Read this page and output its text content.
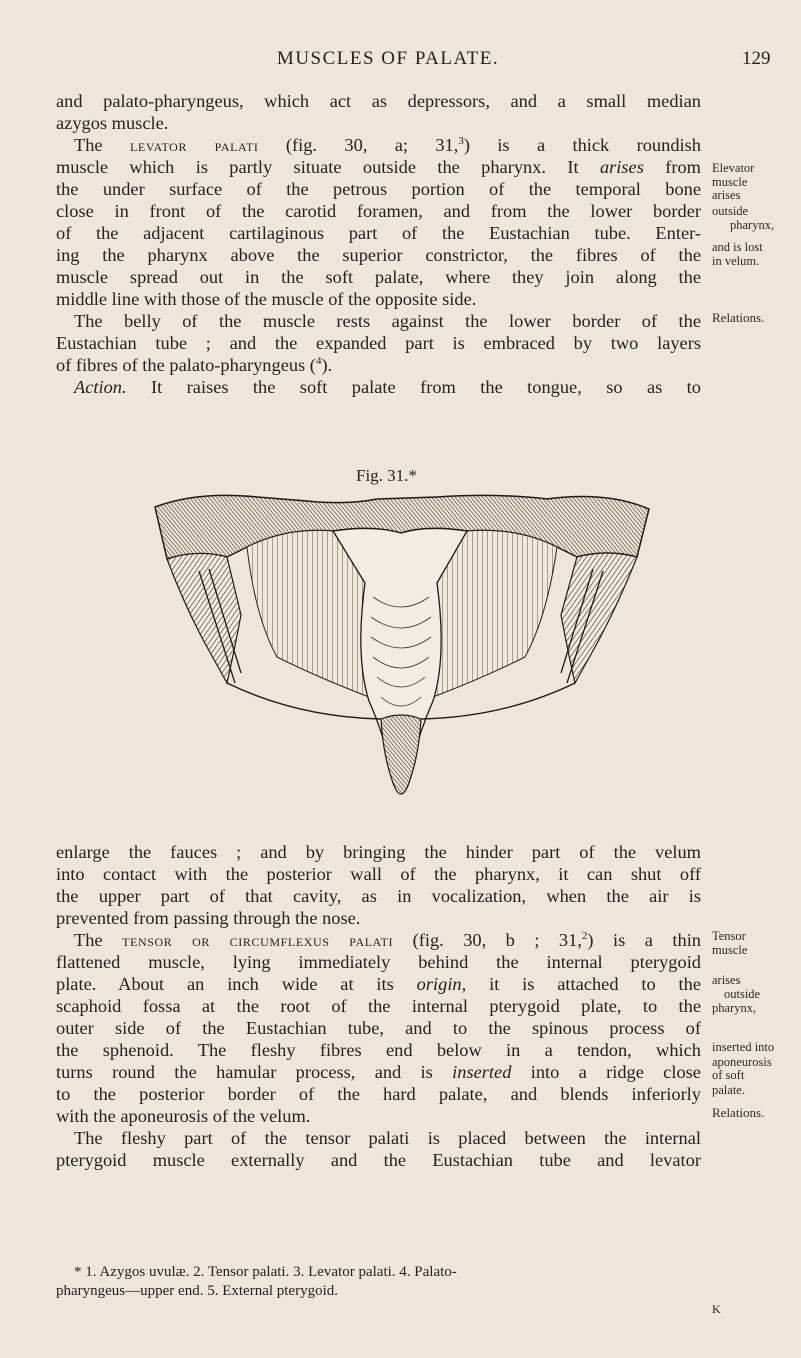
MUSCLES OF PALATE.	129
and palato-pharyngeus, which act as depressors, and a small median
azygos muscle.
The levator palati (fig. 30, a; 31,$^3$) is a thick roundish
muscle which is partly situate outside the pharynx. It arises from
the under surface of the petrous portion of the temporal bone
close in front of the carotid foramen, and from the lower border
of the adjacent cartilaginous part of the Eustachian tube. Enter-
ing the pharynx above the superior constrictor, the fibres of the
muscle spread out in the soft palate, where they join along the
middle line with those of the muscle of the opposite side.
The belly of the muscle rests against the lower border of the
Eustachian tube ; and the expanded part is embraced by two layers
of fibres of the palato-pharyngeus ($^4$).
Action. It raises the soft palate from the tongue, so as to
Elevator
muscle
arises
outside
pharynx,
and is lost
in velum.
Relations.
Fig. 31.*
enlarge the fauces ; and by bringing the hinder part of the velum
into contact with the posterior wall of the pharynx, it can shut off
the upper part of that cavity, as in vocalization, when the air is
prevented from passing through the nose.
The tensor or circumflexus palati (fig. 30, b ; 31,$^2$) is a thin
flattened muscle, lying immediately behind the internal pterygoid
plate. About an inch wide at its origin, it is attached to the
scaphoid fossa at the root of the internal pterygoid plate, to the
outer side of the Eustachian tube, and to the spinous process of
the sphenoid. The fleshy fibres end below in a tendon, which
turns round the hamular process, and is inserted into a ridge close
to the posterior border of the hard palate, and blends inferiorly
with the aponeurosis of the velum.
The fleshy part of the tensor palati is placed between the internal
pterygoid muscle externally and the Eustachian tube and levator
Tensor
muscle
arises
outside
pharynx,
inserted into
aponeurosis
of soft
palate.
Relations.
* 1. Azygos uvulæ. 2. Tensor palati. 3. Levator palati. 4. Palato-
pharyngeus—upper end. 5. External pterygoid.
K
